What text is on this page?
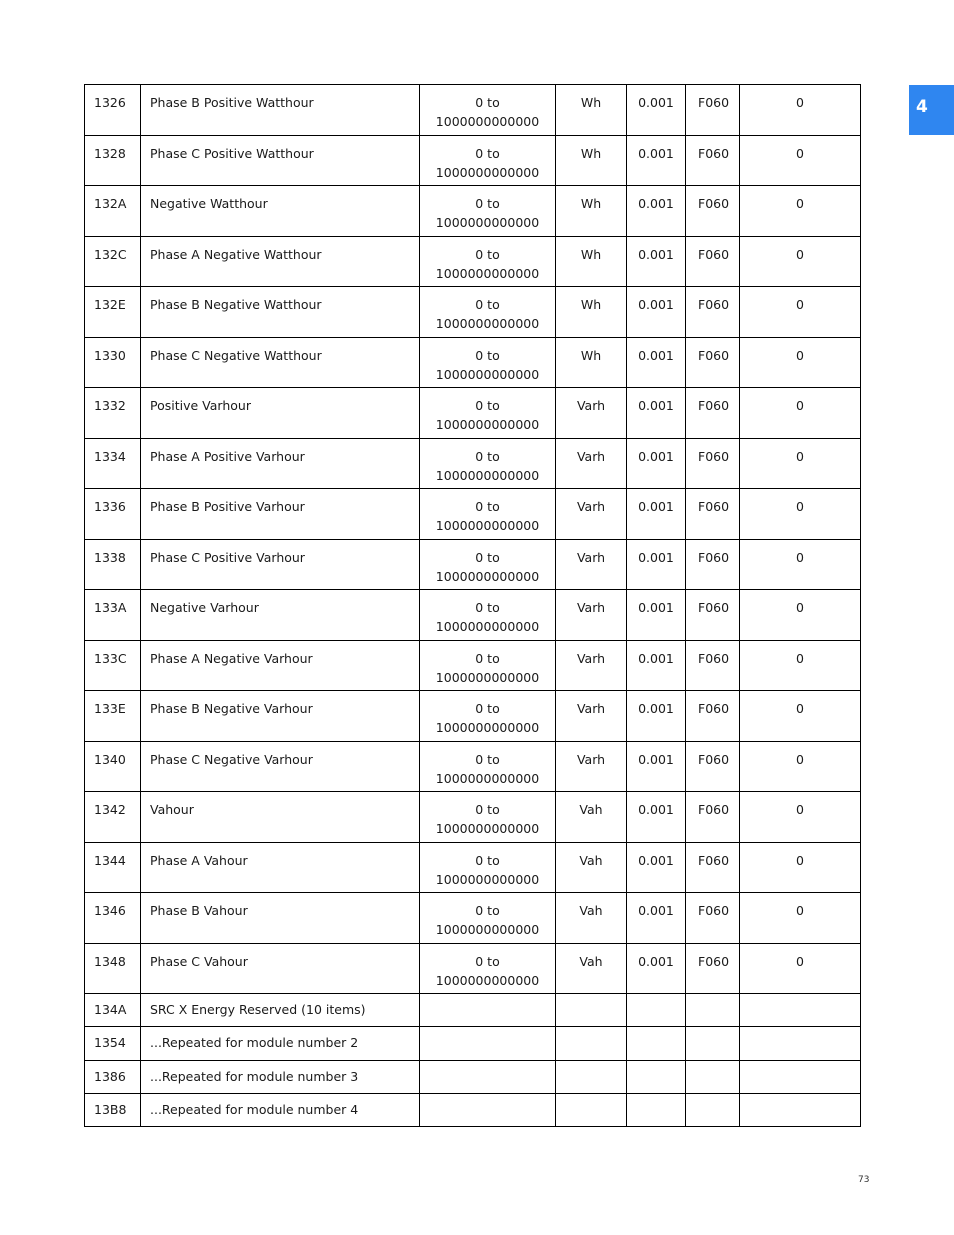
4
1326	Phase B Positive Watthour	0 to
1000000000000	Wh	0.001	F060	0
1328	Phase C Positive Watthour	0 to
1000000000000	Wh	0.001	F060	0
132A	Negative Watthour	0 to
1000000000000	Wh	0.001	F060	0
132C	Phase A Negative Watthour	0 to
1000000000000	Wh	0.001	F060	0
132E	Phase B Negative Watthour	0 to
1000000000000	Wh	0.001	F060	0
1330	Phase C Negative Watthour	0 to
1000000000000	Wh	0.001	F060	0
1332	Positive Varhour	0 to
1000000000000	Varh	0.001	F060	0
1334	Phase A Positive Varhour	0 to
1000000000000	Varh	0.001	F060	0
1336	Phase B Positive Varhour	0 to
1000000000000	Varh	0.001	F060	0
1338	Phase C Positive Varhour	0 to
1000000000000	Varh	0.001	F060	0
133A	Negative Varhour	0 to
1000000000000	Varh	0.001	F060	0
133C	Phase A Negative Varhour	0 to
1000000000000	Varh	0.001	F060	0
133E	Phase B Negative Varhour	0 to
1000000000000	Varh	0.001	F060	0
1340	Phase C Negative Varhour	0 to
1000000000000	Varh	0.001	F060	0
1342	Vahour	0 to
1000000000000	Vah	0.001	F060	0
1344	Phase A Vahour	0 to
1000000000000	Vah	0.001	F060	0
1346	Phase B Vahour	0 to
1000000000000	Vah	0.001	F060	0
1348	Phase C Vahour	0 to
1000000000000	Vah	0.001	F060	0
134A	SRC X Energy Reserved (10 items)					
1354	...Repeated for module number 2					
1386	...Repeated for module number 3					
13B8	...Repeated for module number 4					
73
